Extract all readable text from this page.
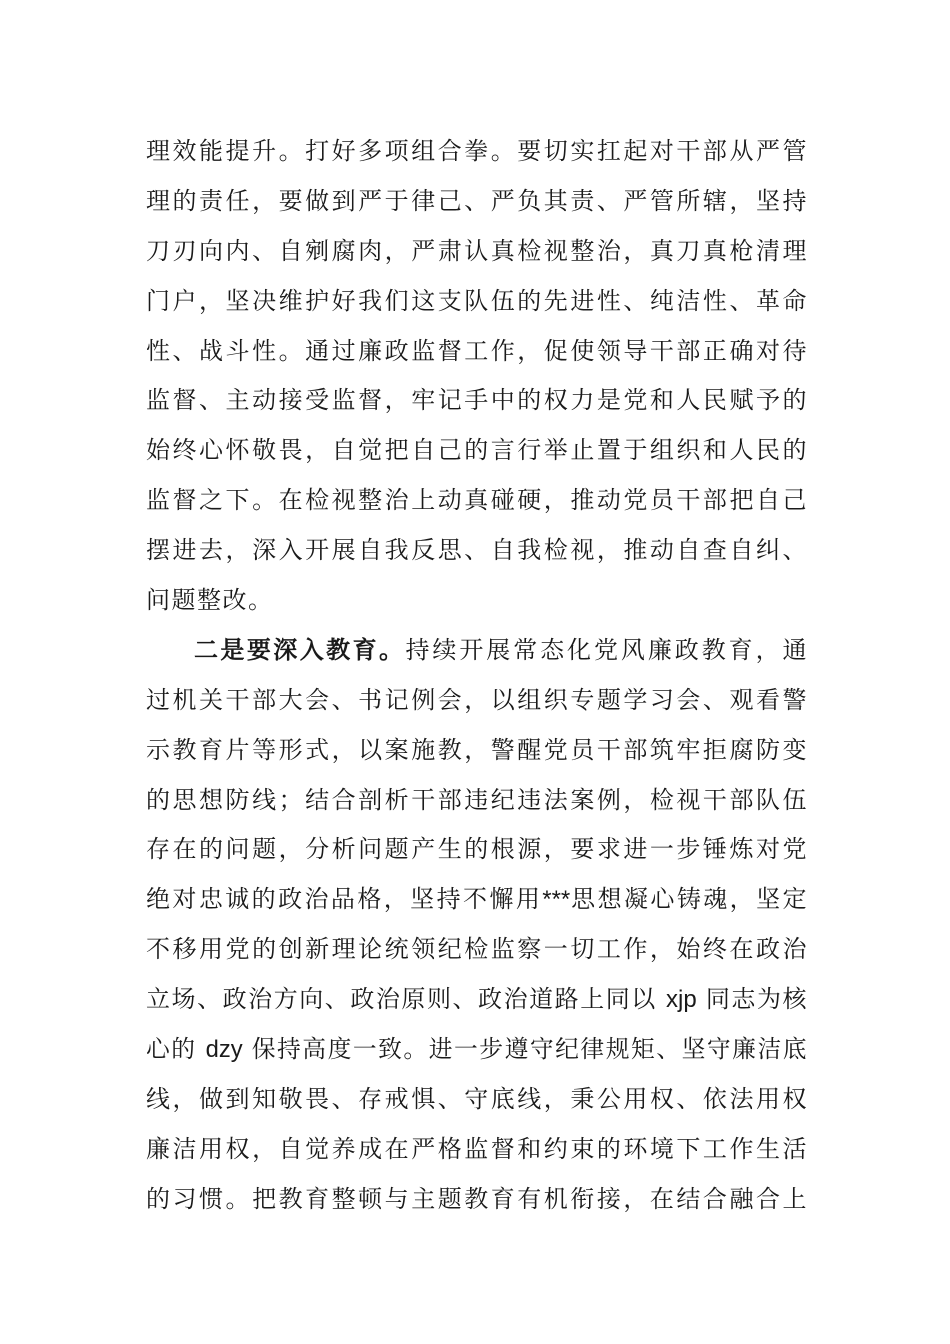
理效能提升。打好多项组合拳。要切实扛起对干部从严管
理的责任，要做到严于律己、严负其责、严管所辖，坚持
刀刃向内、自剜腐肉，严肃认真检视整治，真刀真枪清理
门户，坚决维护好我们这支队伍的先进性、纯洁性、革命
性、战斗性。通过廉政监督工作，促使领导干部正确对待
监督、主动接受监督，牢记手中的权力是党和人民赋予的
始终心怀敬畏，自觉把自己的言行举止置于组织和人民的
监督之下。在检视整治上动真碰硬，推动党员干部把自己
摆进去，深入开展自我反思、自我检视，推动自查自纠、
问题整改。
二是要深入教育。持续开展常态化党风廉政教育，通
过机关干部大会、书记例会，以组织专题学习会、观看警
示教育片等形式，以案施教，警醒党员干部筑牢拒腐防变
的思想防线；结合剖析干部违纪违法案例，检视干部队伍
存在的问题，分析问题产生的根源，要求进一步锤炼对党
绝对忠诚的政治品格，坚持不懈用***思想凝心铸魂，坚定
不移用党的创新理论统领纪检监察一切工作，始终在政治
立场、政治方向、政治原则、政治道路上同以 xjp 同志为核
心的 dzy 保持高度一致。进一步遵守纪律规矩、坚守廉洁底
线，做到知敬畏、存戒惧、守底线，秉公用权、依法用权
廉洁用权，自觉养成在严格监督和约束的环境下工作生活
的习惯。把教育整顿与主题教育有机衔接，在结合融合上
